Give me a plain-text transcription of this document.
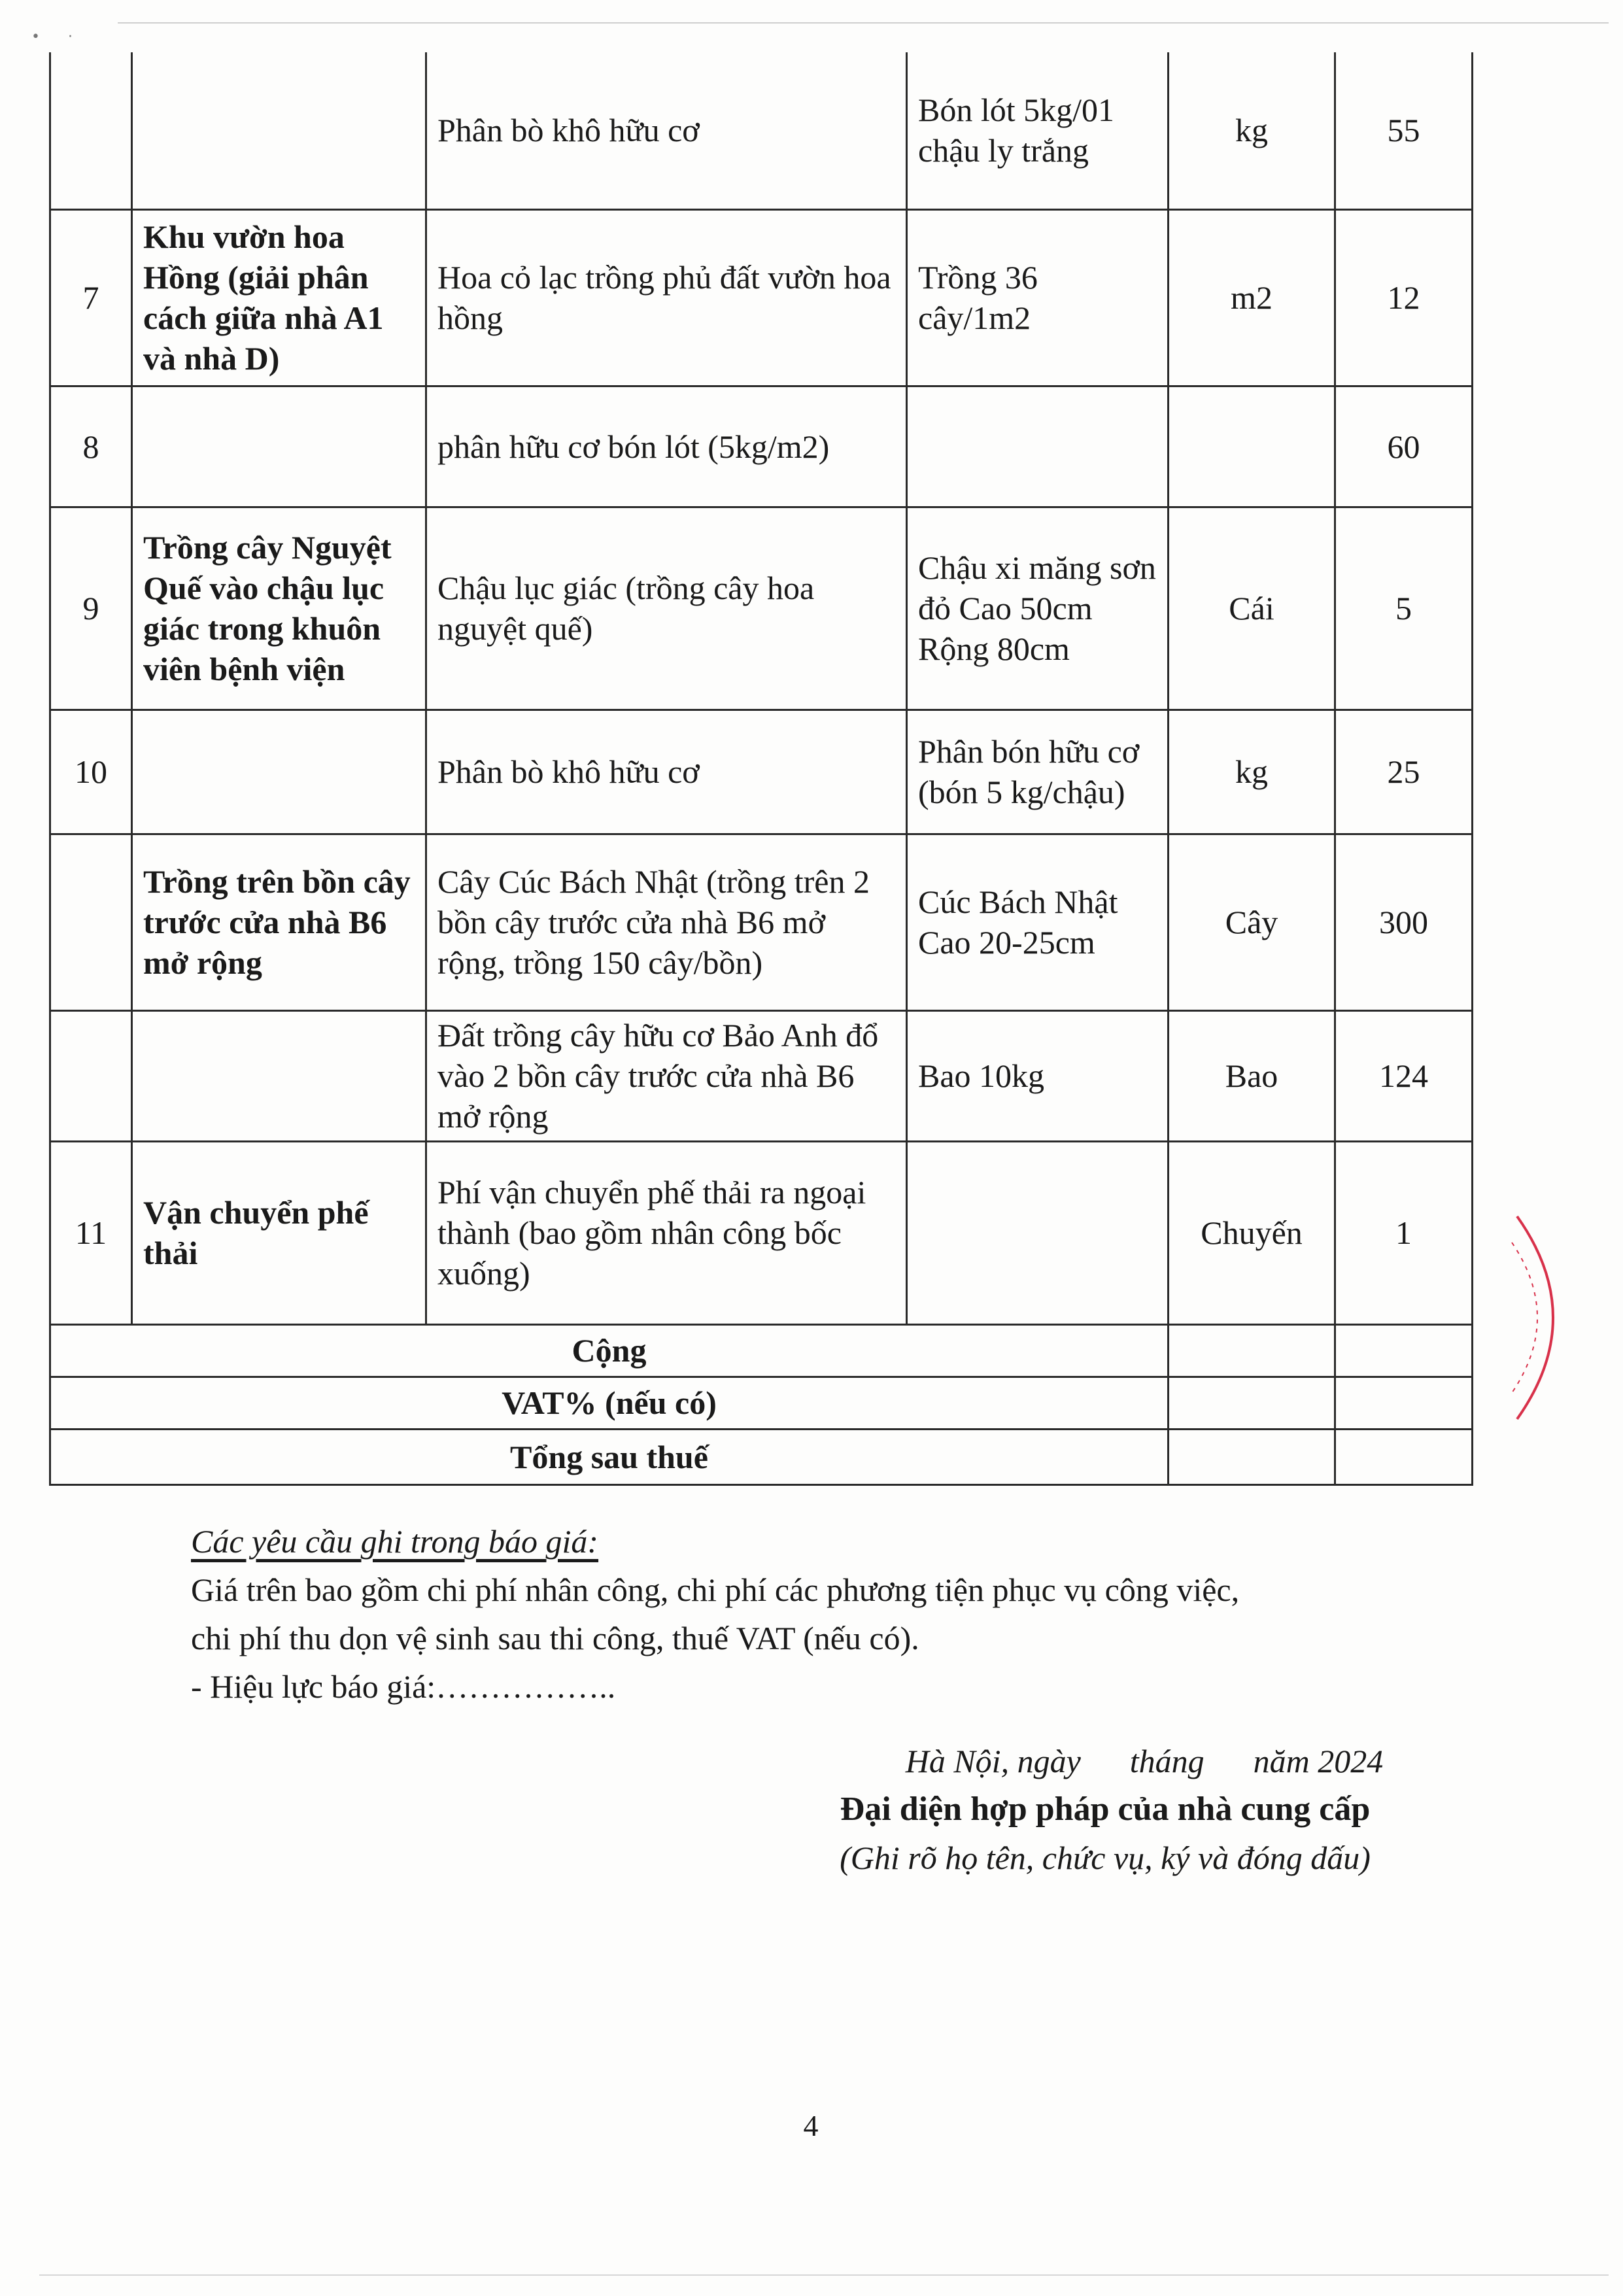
• ·
		Phân bò khô hữu cơ	Bón lót 5kg/01 chậu ly trắng	kg	55
7	Khu vườn hoa Hồng (giải phân cách giữa nhà A1 và nhà D)	Hoa cỏ lạc trồng phủ đất vườn hoa hồng	Trồng 36 cây/1m2	m2	12
8		phân hữu cơ bón lót (5kg/m2)			60
9	Trồng cây Nguyệt Quế vào chậu lục giác trong khuôn viên bệnh viện	Chậu lục giác (trồng cây hoa nguyệt quế)	Chậu xi măng sơn đỏ Cao 50cm Rộng 80cm	Cái	5
10		Phân bò khô hữu cơ	Phân bón hữu cơ (bón 5 kg/chậu)	kg	25
	Trồng trên bồn cây trước cửa nhà B6 mở rộng	Cây Cúc Bách Nhật (trồng trên 2 bồn cây trước cửa nhà B6 mở rộng, trồng 150 cây/bồn)	Cúc Bách Nhật Cao 20-25cm	Cây	300
		Đất trồng cây hữu cơ Bảo Anh đổ vào 2 bồn cây trước cửa nhà B6 mở rộng	Bao 10kg	Bao	124
11	Vận chuyển phế thải	Phí vận chuyển phế thải ra ngoại thành (bao gồm nhân công bốc xuống)		Chuyến	1
Cộng					
VAT% (nếu có)					
Tổng sau thuế					
Các yêu cầu ghi trong báo giá:
Giá trên bao gồm chi phí nhân công, chi phí các phương tiện phục vụ công việc,
chi phí thu dọn vệ sinh sau thi công, thuế VAT (nếu có).
- Hiệu lực báo giá:……………..
Hà Nội, ngày      tháng      năm 2024
Đại diện hợp pháp của nhà cung cấp
(Ghi rõ họ tên, chức vụ, ký và đóng dấu)
4
